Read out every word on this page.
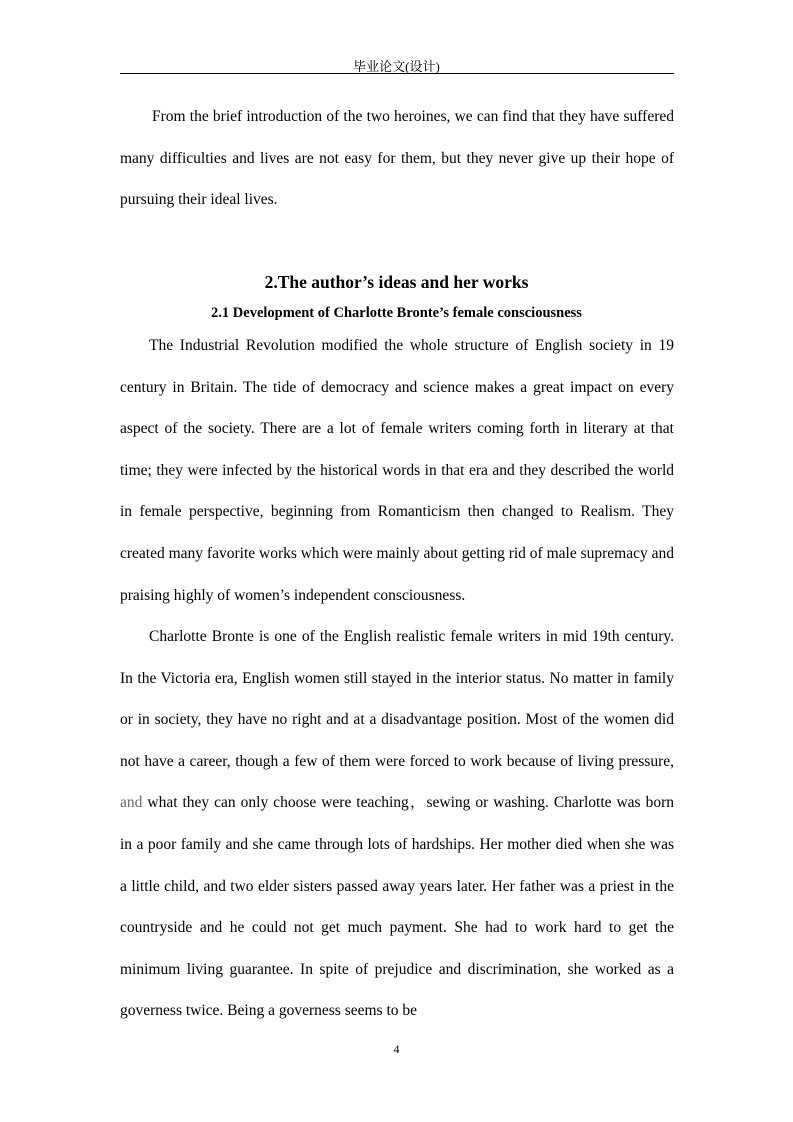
毕业论文(设计)

From the brief introduction of the two heroines, we can find that they have suffered many difficulties and lives are not easy for them, but they never give up their hope of pursuing their ideal lives.

2.The author’s ideas and her works
2.1 Development of Charlotte Bronte’s female consciousness

The Industrial Revolution modified the whole structure of English society in 19 century in Britain. The tide of democracy and science makes a great impact on every aspect of the society. There are a lot of female writers coming forth in literary at that time; they were infected by the historical words in that era and they described the world in female perspective, beginning from Romanticism then changed to Realism. They created many favorite works which were mainly about getting rid of male supremacy and praising highly of women’s independent consciousness.

Charlotte Bronte is one of the English realistic female writers in mid 19th century. In the Victoria era, English women still stayed in the interior status. No matter in family or in society, they have no right and at a disadvantage position. Most of the women did not have a career, though a few of them were forced to work because of living pressure, and what they can only choose were teaching，sewing or washing. Charlotte was born in a poor family and she came through lots of hardships. Her mother died when she was a little child, and two elder sisters passed away years later. Her father was a priest in the countryside and he could not get much payment. She had to work hard to get the minimum living guarantee. In spite of prejudice and discrimination, she worked as a governess twice. Being a governess seems to be

4
